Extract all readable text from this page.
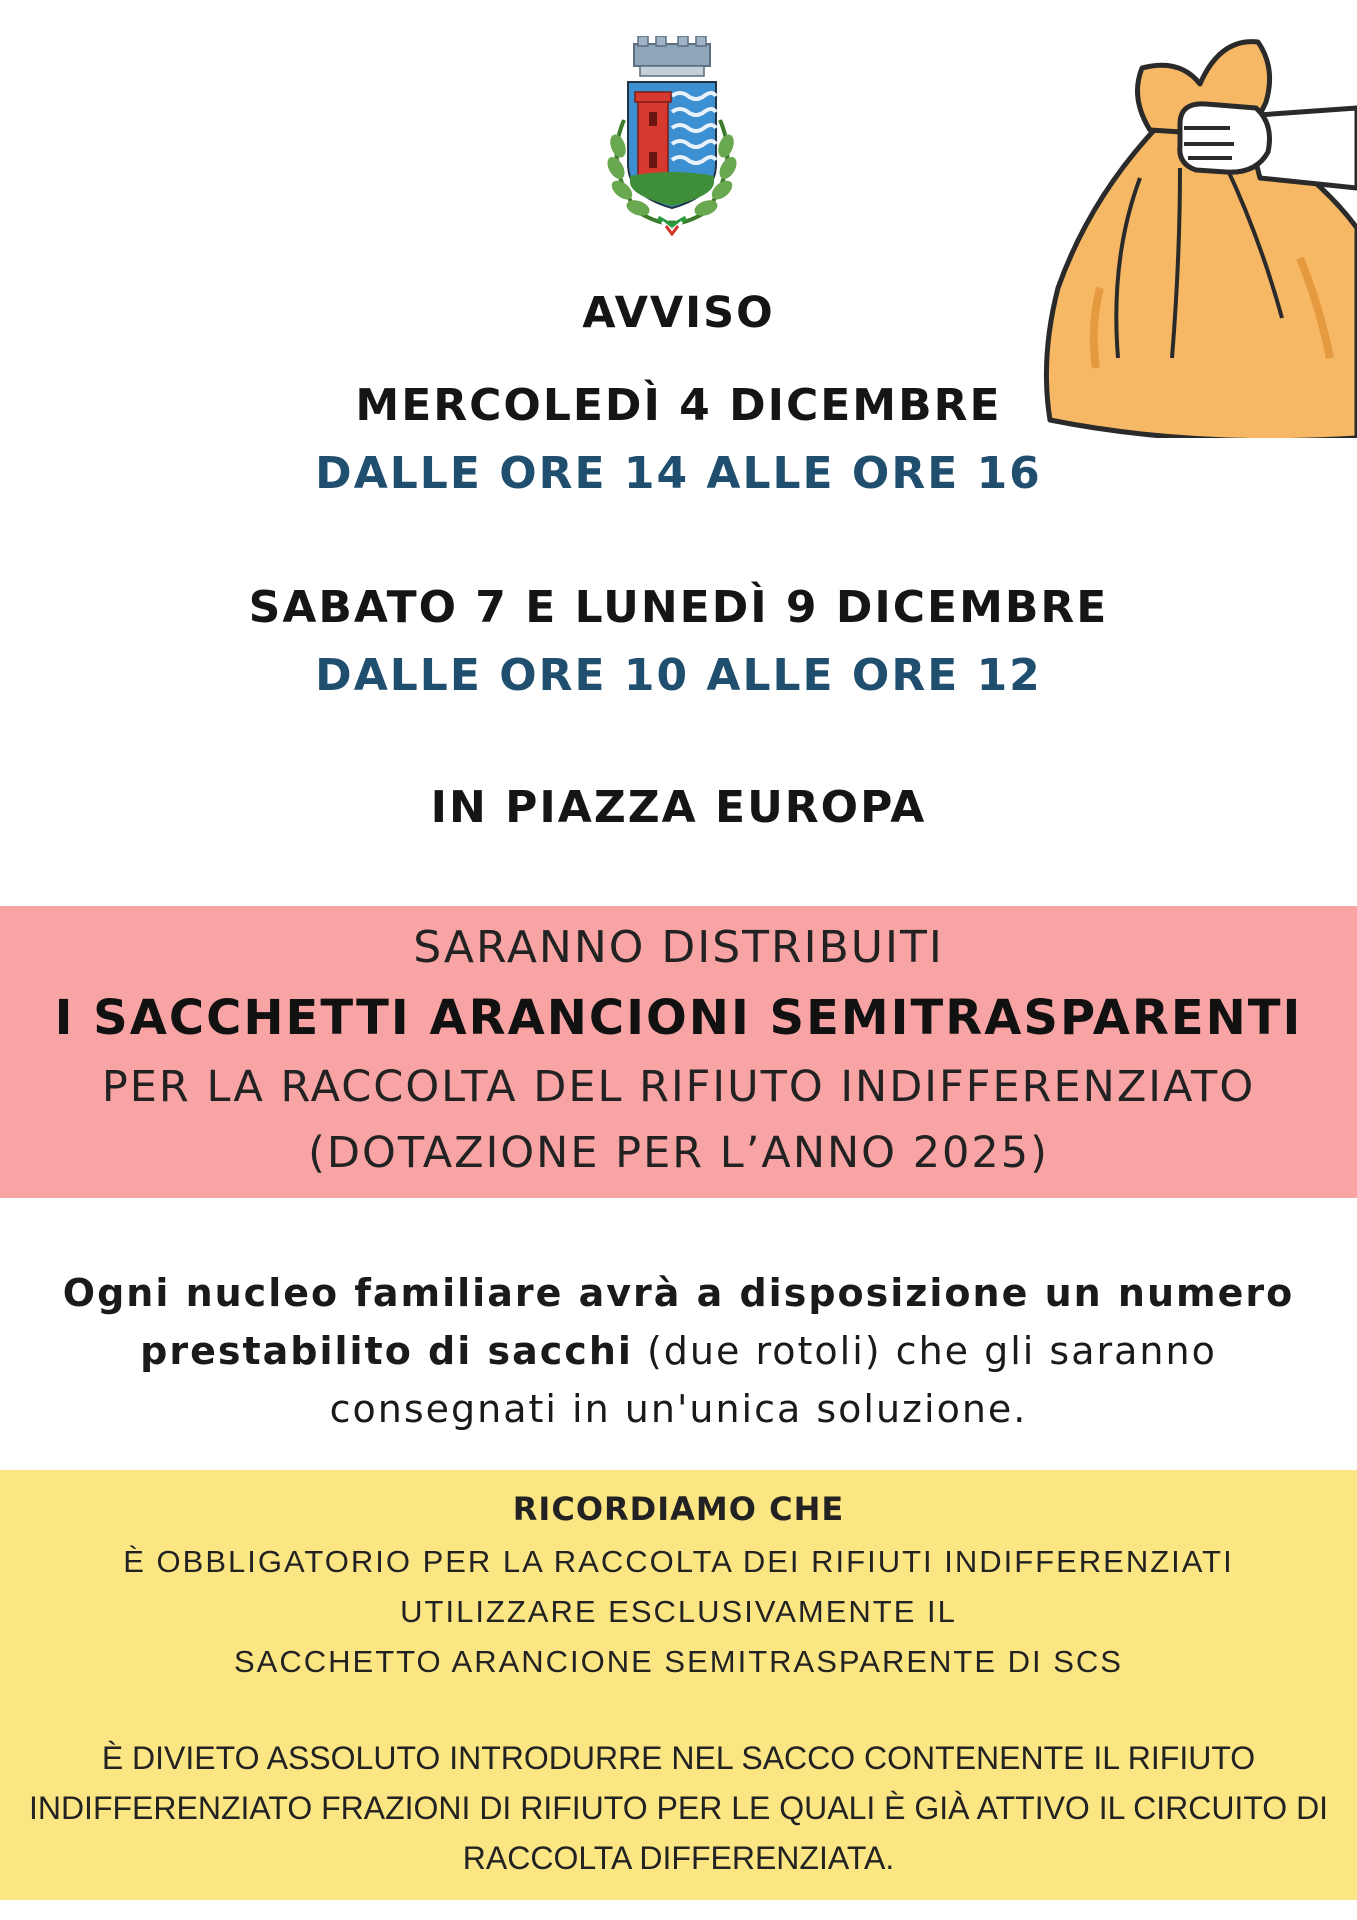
AVVISO
MERCOLEDÌ 4 DICEMBRE
DALLE ORE 14 ALLE ORE 16
SABATO 7 E LUNEDÌ 9 DICEMBRE
DALLE ORE 10 ALLE ORE 12
IN PIAZZA EUROPA
SARANNO DISTRIBUITI
I SACCHETTI ARANCIONI SEMITRASPARENTI
PER LA RACCOLTA DEL RIFIUTO INDIFFERENZIATO
(DOTAZIONE PER L’ANNO 2025)
Ogni nucleo familiare avrà a disposizione un numero
prestabilito di sacchi (due rotoli) che gli saranno
consegnati in un'unica soluzione.
RICORDIAMO CHE
È OBBLIGATORIO PER LA RACCOLTA DEI RIFIUTI INDIFFERENZIATI
UTILIZZARE ESCLUSIVAMENTE IL
SACCHETTO ARANCIONE SEMITRASPARENTE DI SCS
È DIVIETO ASSOLUTO INTRODURRE NEL SACCO CONTENENTE IL RIFIUTO
INDIFFERENZIATO FRAZIONI DI RIFIUTO PER LE QUALI È GIÀ ATTIVO IL CIRCUITO DI
RACCOLTA DIFFERENZIATA.
